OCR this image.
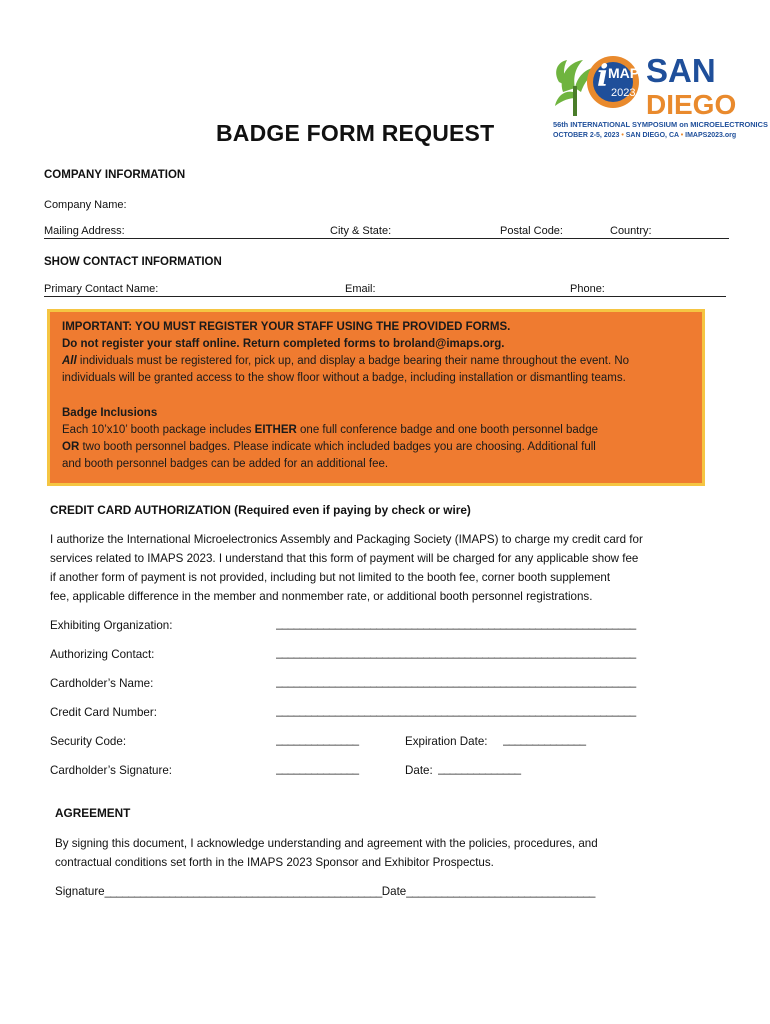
i MAPS
2023
SAN
DIEGO
56th INTERNATIONAL SYMPOSIUM on MICROELECTRONICS
OCTOBER 2-5, 2023 • SAN DIEGO, CA • IMAPS2023.org
BADGE FORM REQUEST
COMPANY INFORMATION
Company Name:
Mailing Address:	City & State:	Postal Code:	Country:
SHOW CONTACT INFORMATION
Primary Contact Name:	Email:	Phone:
IMPORTANT: YOU MUST REGISTER YOUR STAFF USING THE PROVIDED FORMS.
Do not register your staff online. Return completed forms to broland@imaps.org.
All individuals must be registered for, pick up, and display a badge bearing their name throughout the event. No
individuals will be granted access to the show floor without a badge, including installation or dismantling teams.
Badge Inclusions
Each 10’x10’ booth package includes EITHER one full conference badge and one booth personnel badge
OR two booth personnel badges. Please indicate which included badges you are choosing. Additional full
and booth personnel badges can be added for an additional fee.
CREDIT CARD AUTHORIZATION (Required even if paying by check or wire)
I authorize the International Microelectronics Assembly and Packaging Society (IMAPS) to charge my credit card for
services related to IMAPS 2023. I understand that this form of payment will be charged for any applicable show fee
if another form of payment is not provided, including but not limited to the booth fee, corner booth supplement
fee, applicable difference in the member and nonmember rate, or additional booth personnel registrations.
Exhibiting Organization:	_____________________________________________________________
Authorizing Contact:	_____________________________________________________________
Cardholder’s Name:	_____________________________________________________________
Credit Card Number:	_____________________________________________________________
Security Code:	______________	Expiration Date: ______________
Cardholder’s Signature:	______________	Date: ______________
AGREEMENT
By signing this document, I acknowledge understanding and agreement with the policies, procedures, and
contractual conditions set forth in the IMAPS 2023 Sponsor and Exhibitor Prospectus.
Signature_______________________________________________Date________________________________
